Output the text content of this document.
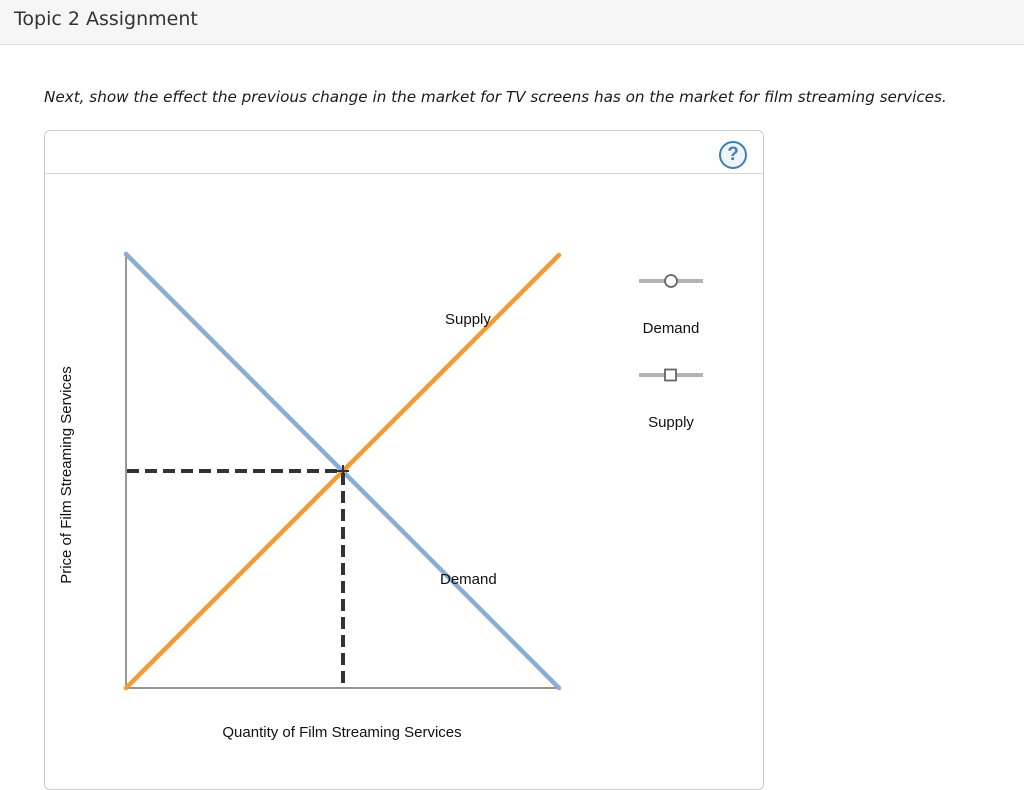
Topic 2 Assignment
Next, show the effect the previous change in the market for TV screens has on the market for film streaming services.
?
Supply
Demand
Quantity of Film Streaming Services
Price of Film Streaming Services
Demand
Supply
